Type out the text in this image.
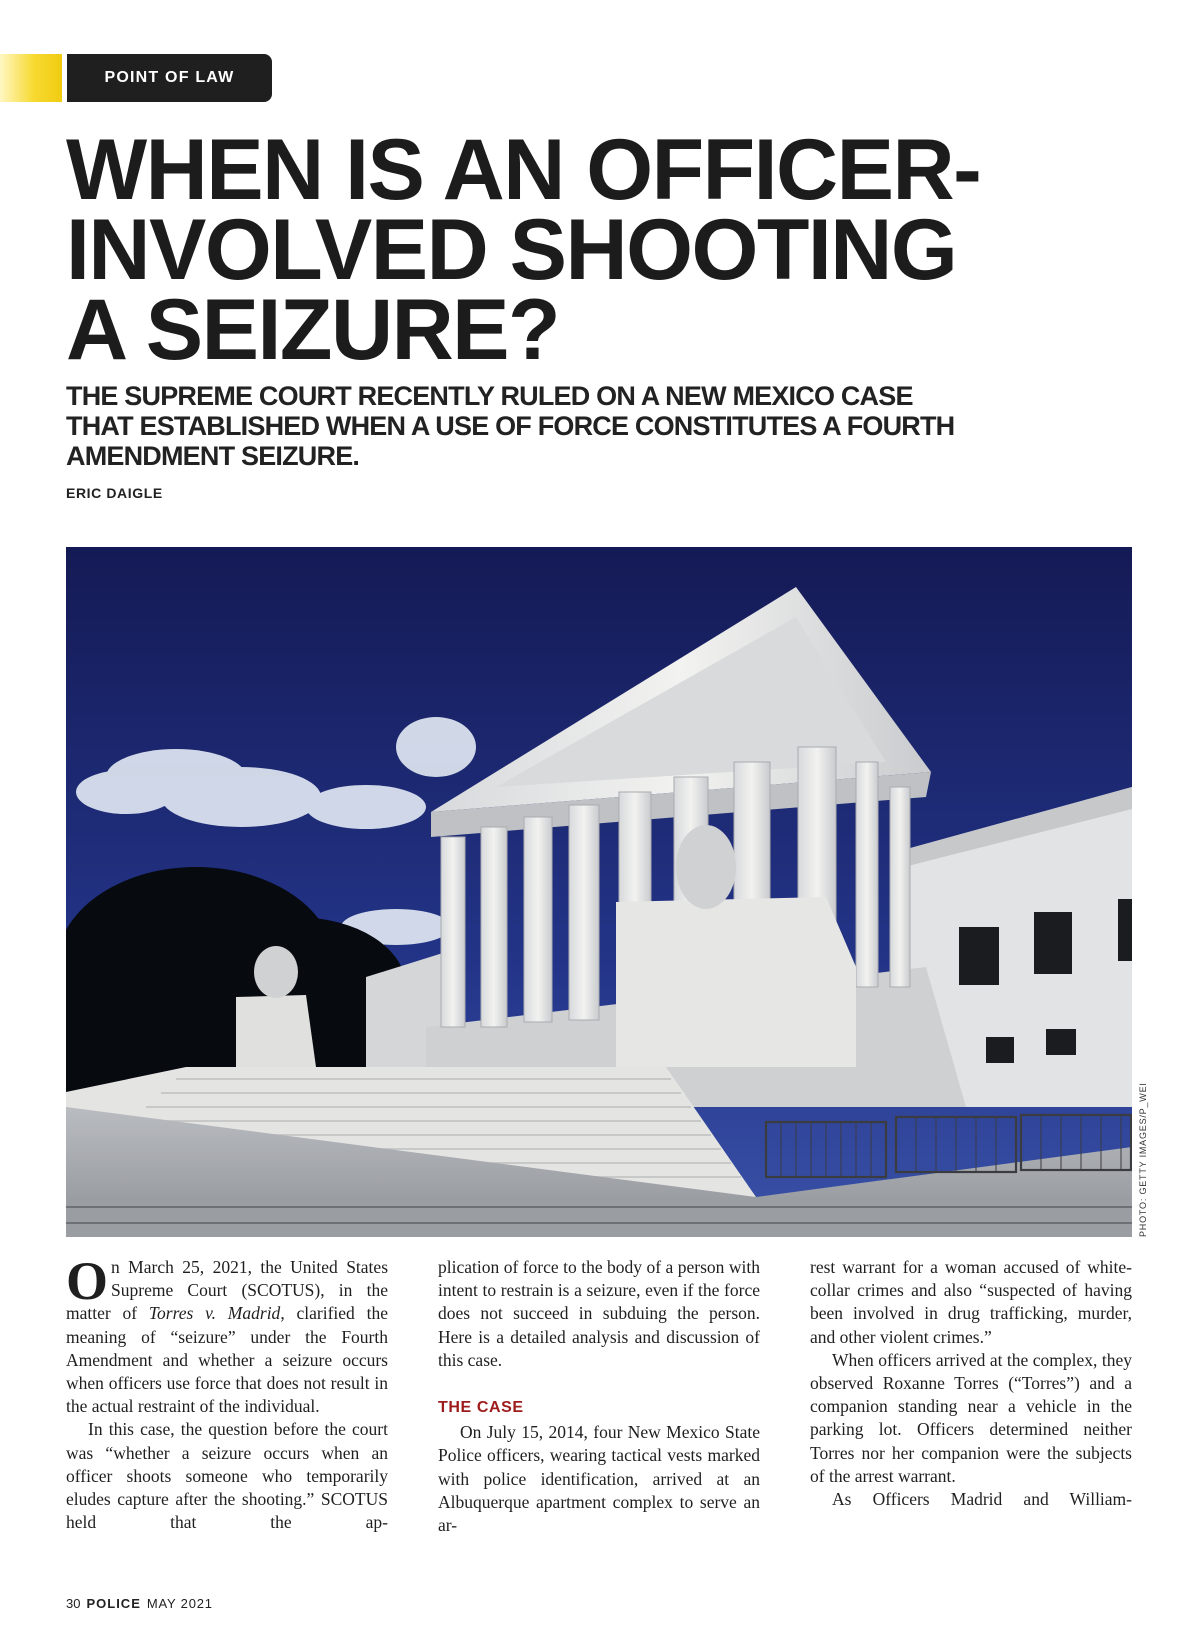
POINT OF LAW
WHEN IS AN OFFICER-
INVOLVED SHOOTING
A SEIZURE?
THE SUPREME COURT RECENTLY RULED ON A NEW MEXICO CASE
THAT ESTABLISHED WHEN A USE OF FORCE CONSTITUTES A FOURTH
AMENDMENT SEIZURE.
ERIC DAIGLE
PHOTO: GETTY IMAGES/P_WEI

On March 25, 2021, the United States Supreme Court (SCOTUS), in the matter of Torres v. Madrid, clarified the meaning of “seizure” under the Fourth Amendment and whether a seizure occurs when officers use force that does not result in the actual restraint of the individual.

In this case, the question before the court was “whether a seizure occurs when an officer shoots someone who temporarily eludes capture after the shooting.” SCOTUS held that the ap-

plication of force to the body of a person with intent to restrain is a seizure, even if the force does not succeed in subduing the person. Here is a detailed analysis and discussion of this case.

THE CASE

On July 15, 2014, four New Mexico State Police officers, wearing tactical vests marked with police identification, arrived at an Albuquerque apartment complex to serve an ar-

rest warrant for a woman accused of white-collar crimes and also “suspected of having been involved in drug trafficking, murder, and other violent crimes.”

When officers arrived at the complex, they observed Roxanne Torres (“Torres”) and a companion standing near a vehicle in the parking lot. Officers determined neither Torres nor her companion were the subjects of the arrest warrant.

As Officers Madrid and William-

30 POLICE MAY 2021
